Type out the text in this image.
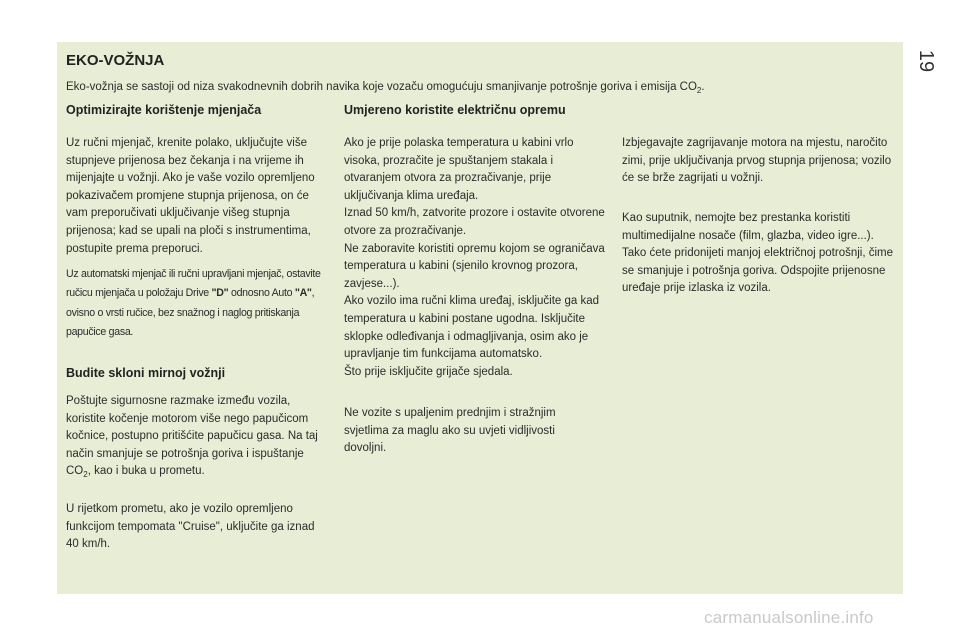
19
EKO-VOŽNJA

Eko-vožnja se sastoji od niza svakodnevnih dobrih navika koje vozaču omogućuju smanjivanje potrošnje goriva i emisija $CO_2$.

Optimizirajte korištenje mjenjača

Uz ručni mjenjač, krenite polako, uključujte više stupnjeve prijenosa bez čekanja i na vrijeme ih mijenjajte u vožnji. Ako je vaše vozilo opremljeno pokazivačem promjene stupnja prijenosa, on će vam preporučivati uključivanje višeg stupnja prijenosa; kad se upali na ploči s instrumentima, postupite prema preporuci.

Uz automatski mjenjač ili ručni upravljani mjenjač, ostavite ručicu mjenjača u položaju Drive "D" odnosno Auto "A", ovisno o vrsti ručice, bez snažnog i naglog pritiskanja papučice gasa.

Budite skloni mirnoj vožnji

Poštujte sigurnosne razmake između vozila, koristite kočenje motorom više nego papučicom kočnice, postupno pritišćite papučicu gasa. Na taj način smanjuje se potrošnja goriva i ispuštanje $CO_2$, kao i buka u prometu.

U rijetkom prometu, ako je vozilo opremljeno funkcijom tempomata "Cruise", uključite ga iznad 40 km/h.

Umjereno koristite električnu opremu

Ako je prije polaska temperatura u kabini vrlo visoka, prozračite je spuštanjem stakala i otvaranjem otvora za prozračivanje, prije uključivanja klima uređaja.

Iznad 50 km/h, zatvorite prozore i ostavite otvorene otvore za prozračivanje.

Ne zaboravite koristiti opremu kojom se ograničava temperatura u kabini (sjenilo krovnog prozora, zavjese...).

Ako vozilo ima ručni klima uređaj, isključite ga kad temperatura u kabini postane ugodna. Isključite sklopke odleđivanja i odmagljivanja, osim ako je upravljanje tim funkcijama automatsko.

Što prije isključite grijače sjedala.

Ne vozite s upaljenim prednjim i stražnjim svjetlima za maglu ako su uvjeti vidljivosti dovoljni.

Izbjegavajte zagrijavanje motora na mjestu, naročito zimi, prije uključivanja prvog stupnja prijenosa; vozilo će se brže zagrijati u vožnji.

Kao suputnik, nemojte bez prestanka koristiti multimedijalne nosače (film, glazba, video igre...). Tako ćete pridonijeti manjoj električnoj potrošnji, čime se smanjuje i potrošnja goriva. Odspojite prijenosne uređaje prije izlaska iz vozila.

carmanualsonline.info
